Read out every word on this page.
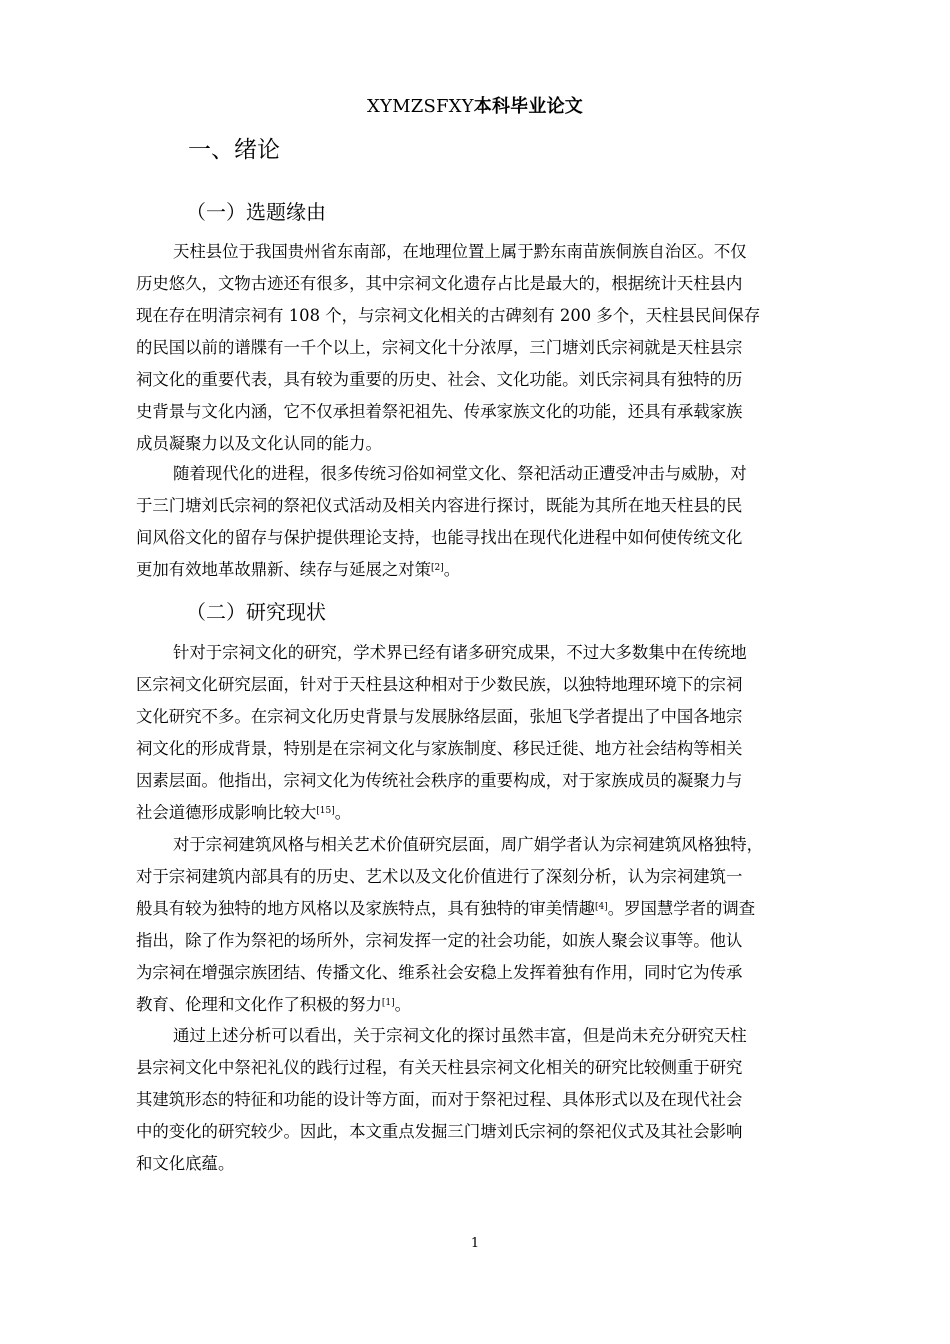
XYMZSFXY本科毕业论文
一、绪论
（一）选题缘由
天柱县位于我国贵州省东南部，在地理位置上属于黔东南苗族侗族自治区。不仅
历史悠久，文物古迹还有很多，其中宗祠文化遗存占比是最大的，根据统计天柱县内
现在存在明清宗祠有 108 个，与宗祠文化相关的古碑刻有 200 多个，天柱县民间保存
的民国以前的谱牒有一千个以上，宗祠文化十分浓厚，三门塘刘氏宗祠就是天柱县宗
祠文化的重要代表，具有较为重要的历史、社会、文化功能。刘氏宗祠具有独特的历
史背景与文化内涵，它不仅承担着祭祀祖先、传承家族文化的功能，还具有承载家族
成员凝聚力以及文化认同的能力。
随着现代化的进程，很多传统习俗如祠堂文化、祭祀活动正遭受冲击与威胁，对
于三门塘刘氏宗祠的祭祀仪式活动及相关内容进行探讨，既能为其所在地天柱县的民
间风俗文化的留存与保护提供理论支持，也能寻找出在现代化进程中如何使传统文化
更加有效地革故鼎新、续存与延展之对策[2]。
（二）研究现状
针对于宗祠文化的研究，学术界已经有诸多研究成果，不过大多数集中在传统地
区宗祠文化研究层面，针对于天柱县这种相对于少数民族，以独特地理环境下的宗祠
文化研究不多。在宗祠文化历史背景与发展脉络层面，张旭飞学者提出了中国各地宗
祠文化的形成背景，特别是在宗祠文化与家族制度、移民迁徙、地方社会结构等相关
因素层面。他指出，宗祠文化为传统社会秩序的重要构成，对于家族成员的凝聚力与
社会道德形成影响比较大[15]。
对于宗祠建筑风格与相关艺术价值研究层面，周广娟学者认为宗祠建筑风格独特，
对于宗祠建筑内部具有的历史、艺术以及文化价值进行了深刻分析，认为宗祠建筑一
般具有较为独特的地方风格以及家族特点，具有独特的审美情趣[4]。罗国慧学者的调查
指出，除了作为祭祀的场所外，宗祠发挥一定的社会功能，如族人聚会议事等。他认
为宗祠在增强宗族团结、传播文化、维系社会安稳上发挥着独有作用，同时它为传承
教育、伦理和文化作了积极的努力[1]。
通过上述分析可以看出，关于宗祠文化的探讨虽然丰富，但是尚未充分研究天柱
县宗祠文化中祭祀礼仪的践行过程，有关天柱县宗祠文化相关的研究比较侧重于研究
其建筑形态的特征和功能的设计等方面，而对于祭祀过程、具体形式以及在现代社会
中的变化的研究较少。因此，本文重点发掘三门塘刘氏宗祠的祭祀仪式及其社会影响
和文化底蕴。
1
